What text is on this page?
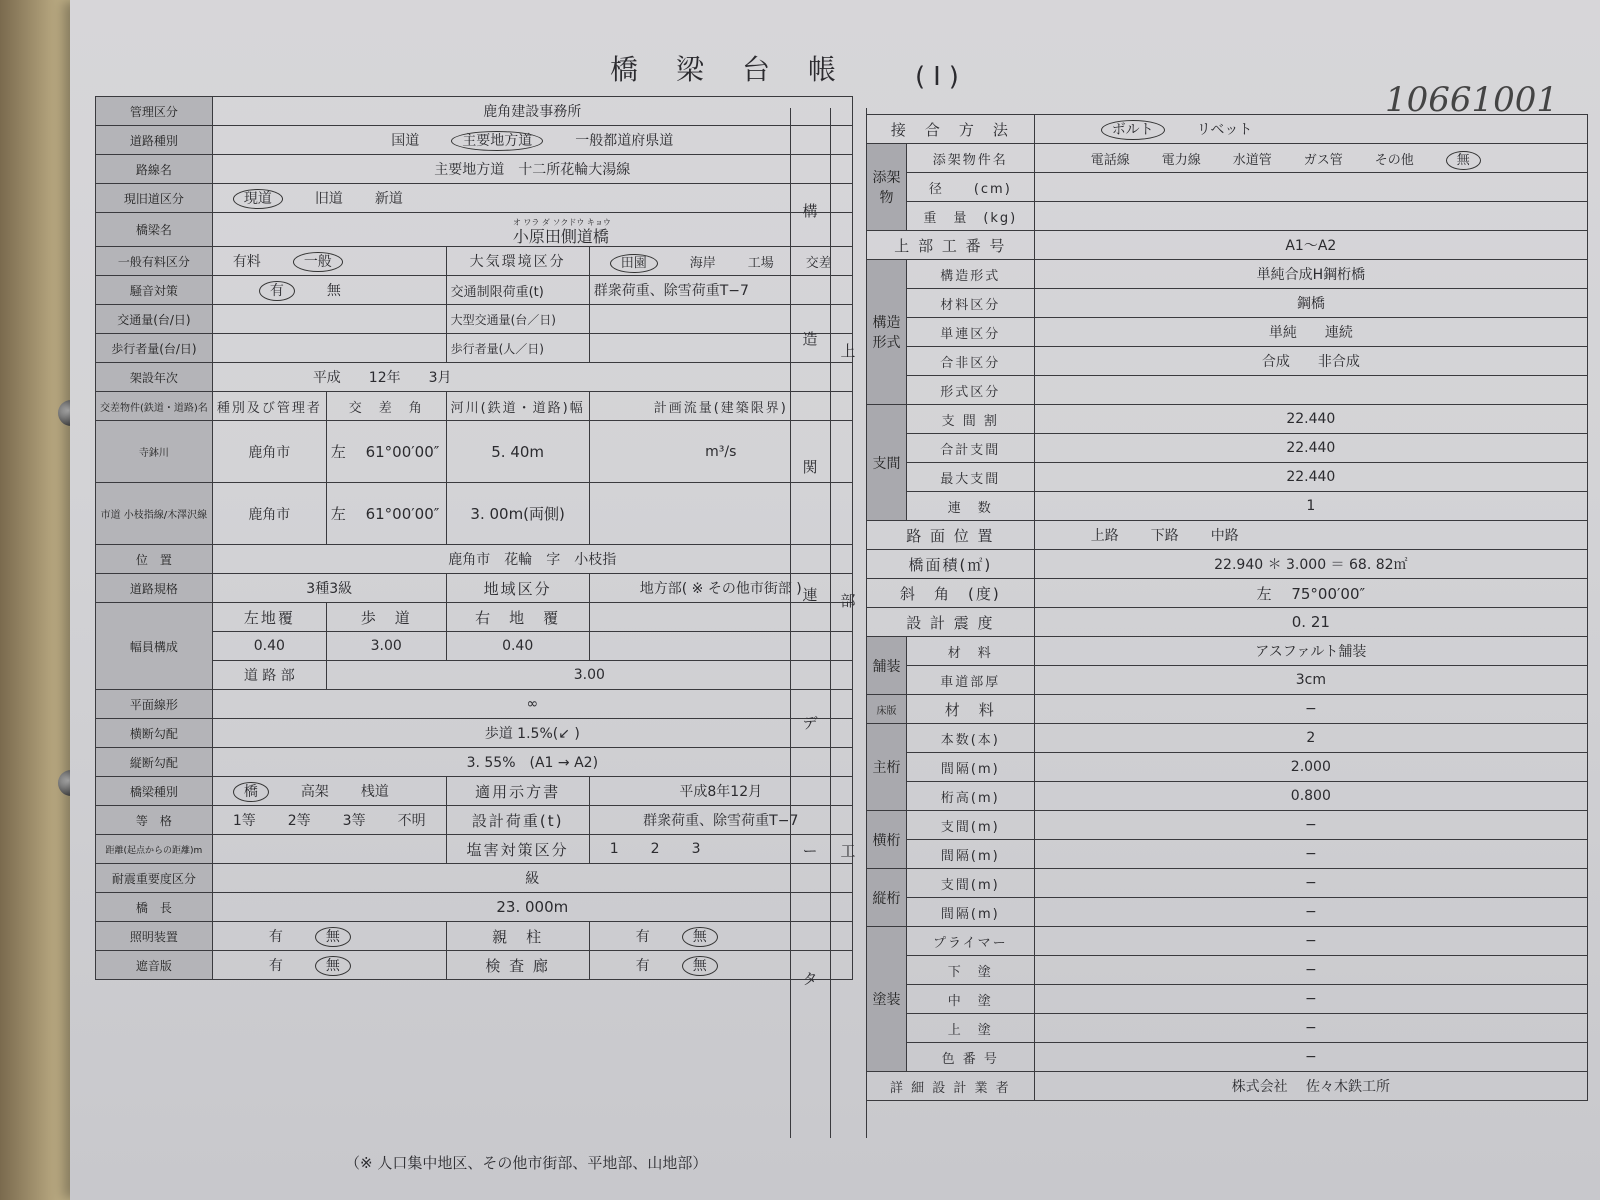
橋梁台帳 (I)
10661001
管理区分	鹿角建設事務所			
道路種別	国道 主要地方道 一般都道府県道			
路線名	主要地方道　十二所花輪大湯線			
現旧道区分	現道 旧道 新道			
橋梁名	オ ワラ ダ ソクドウ キョウ
小原田側道橋			

一般有料区分	有料 一般		大気環境区分	田園 海岸 工場 交差
騒音対策	有 無		交通制限荷重(t)	群衆荷重、除雪荷重T−7
交通量(台/日)			大型交通量(台／日)	
歩行者量(台/日)			歩行者量(人／日)	
架設年次	平成　　12年　　3月			
交差物件(鉄道・道路)名	種別及び管理者	交　差　角	河川(鉄道・道路)幅	計画流量(建築限界)
寺鉢川	鹿角市	左　 61°00′00″	5. 40m	m³/s
市道 小枝指線/木澤沢線	鹿角市	左　 61°00′00″	3. 00m(両側)	
位　置	鹿角市　花輪　字　小枝指			
道路規格	3種3級		地域区分	地方部( ※ その他市街部 )
幅員構成	左地覆	歩　道	右　地　覆	
	0.40	3.00	0.40	
	道 路 部	3.00		
平面線形	∞			
横断勾配	歩道 1.5%(↙ )			
縦断勾配	3. 55%　(A1 → A2)			
橋梁種別	橋 高架 桟道		適用示方書	平成8年12月
等　格	1等 2等 3等 不明		設計荷重(t)	群衆荷重、除雪荷重T−7
距離(起点からの距離)m			塩害対策区分	1 2 3
耐震重要度区分	級			
橋　長	23. 000m			
照明装置	有 無		親　柱	有 無
遮音版	有 無		検 査 廊	有 無
構
造
関
連
デ
ー
タ
上
部
工
接　合　方　法		ボルト リベット
添架物	添架物件名	電話線 電力線 水道管 ガス管 その他 無
	径　　(cm)	
	重　量　(kg)	
上 部 工 番 号		A1〜A2
構造形式	構造形式	単純合成H鋼桁橋
	材料区分	鋼橋
	単連区分	単純　　連続
	合非区分	合成　　非合成
	形式区分	
支間	支 間 割	22.440
	合計支間	22.440
	最大支間	22.440
	連　数	1
路 面 位 置		上路 下路 中路
橋面積(㎡)		22.940 ＊ 3.000 ＝ 68. 82㎡
斜　角　(度)		左　 75°00′00″
設 計 震 度		0. 21
舗装	材　料	アスファルト舗装
	車道部厚	3cm
床版	材　料	−
主桁	本数(本)	2
	間隔(m)	2.000
	桁高(m)	0.800
横桁	支間(m)	−
	間隔(m)	−
縦桁	支間(m)	−
	間隔(m)	−
塗装	プライマー	−
	下　塗	−
	中　塗	−
	上　塗	−
	色 番 号	−
詳 細 設 計 業 者		株式会社　 佐々木鉄工所
（※ 人口集中地区、その他市街部、平地部、山地部）
